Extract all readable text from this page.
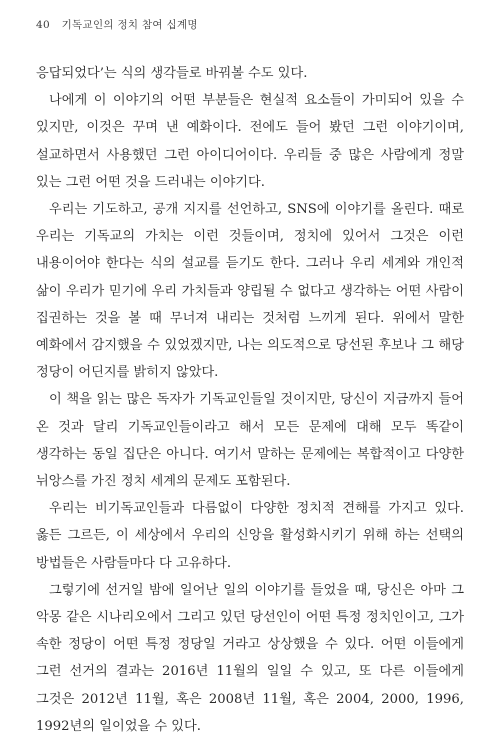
40 기독교인의 정치 참여 십계명

응답되었다’는 식의 생각들로 바꿔볼 수도 있다.

나에게 이 이야기의 어떤 부분들은 현실적 요소들이 가미되어 있을 수 있지만, 이것은 꾸며 낸 예화이다. 전에도 들어 봤던 그런 이야기이며, 설교하면서 사용했던 그런 아이디어이다. 우리들 중 많은 사람에게 정말 있는 그런 어떤 것을 드러내는 이야기다.

우리는 기도하고, 공개 지지를 선언하고, SNS에 이야기를 올린다. 때로 우리는 기독교의 가치는 이런 것들이며, 정치에 있어서 그것은 이런 내용이어야 한다는 식의 설교를 듣기도 한다. 그러나 우리 세계와 개인적 삶이 우리가 믿기에 우리 가치들과 양립될 수 없다고 생각하는 어떤 사람이 집권하는 것을 볼 때 무너져 내리는 것처럼 느끼게 된다. 위에서 말한 예화에서 감지했을 수 있었겠지만, 나는 의도적으로 당선된 후보나 그 해당 정당이 어딘지를 밝히지 않았다.

이 책을 읽는 많은 독자가 기독교인들일 것이지만, 당신이 지금까지 들어 온 것과 달리 기독교인들이라고 해서 모든 문제에 대해 모두 똑같이 생각하는 동일 집단은 아니다. 여기서 말하는 문제에는 복합적이고 다양한 뉘앙스를 가진 정치 세계의 문제도 포함된다.

우리는 비기독교인들과 다름없이 다양한 정치적 견해를 가지고 있다. 옳든 그르든, 이 세상에서 우리의 신앙을 활성화시키기 위해 하는 선택의 방법들은 사람들마다 다 고유하다.

그렇기에 선거일 밤에 일어난 일의 이야기를 들었을 때, 당신은 아마 그 악몽 같은 시나리오에서 그리고 있던 당선인이 어떤 특정 정치인이고, 그가 속한 정당이 어떤 특정 정당일 거라고 상상했을 수 있다. 어떤 이들에게 그런 선거의 결과는 2016년 11월의 일일 수 있고, 또 다른 이들에게 그것은 2012년 11월, 혹은 2008년 11월, 혹은 2004, 2000, 1996, 1992년의 일이었을 수 있다.
